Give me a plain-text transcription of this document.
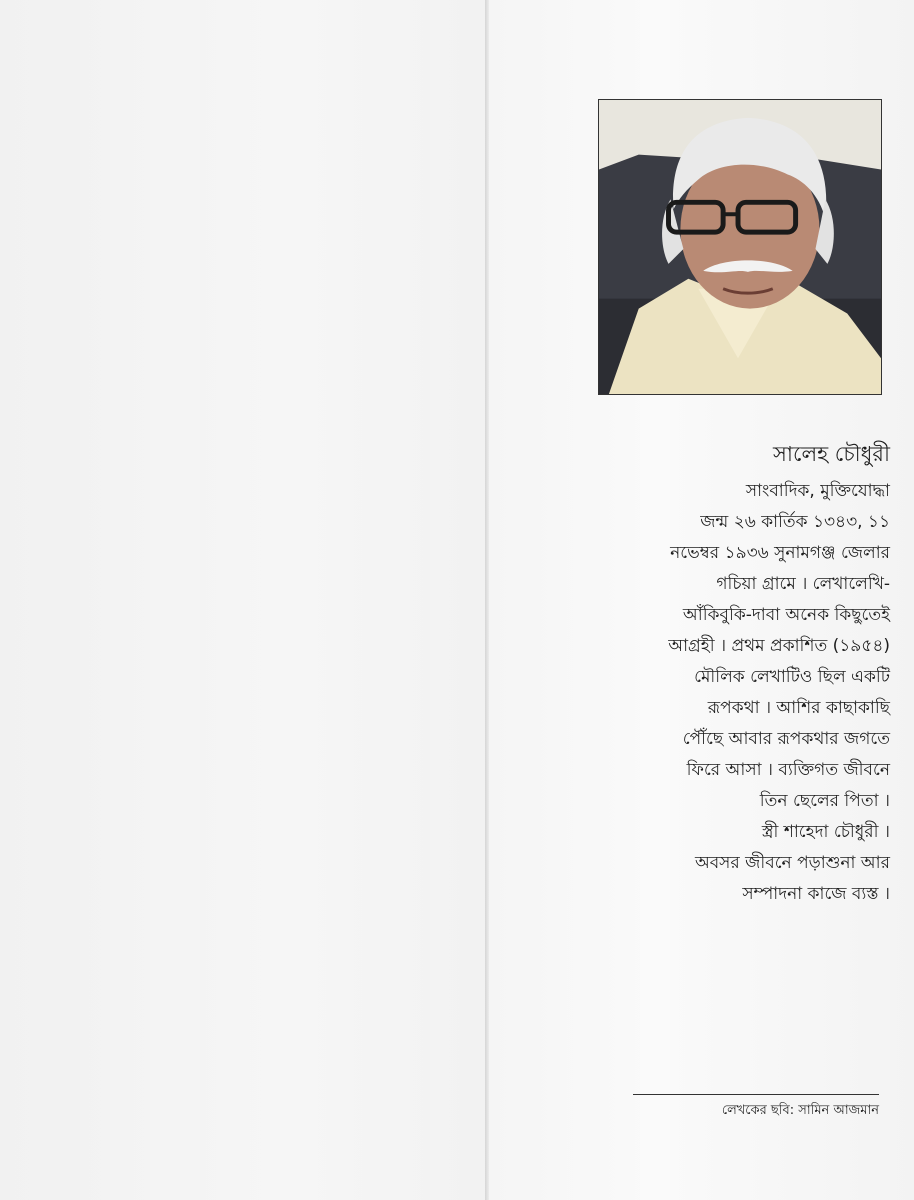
সালেহ চৌধুরী
সাংবাদিক, মুক্তিযোদ্ধা
জন্ম ২৬ কার্তিক ১৩৪৩, ১১
নভেম্বর ১৯৩৬ সুনামগঞ্জ জেলার
গচিয়া গ্রামে । লেখালেখি-
আঁকিবুকি-দাবা অনেক কিছুতেই
আগ্রহী । প্রথম প্রকাশিত (১৯৫৪)
মৌলিক লেখাটিও ছিল একটি
রূপকথা । আশির কাছাকাছি
পৌঁছে আবার রূপকথার জগতে
ফিরে আসা । ব্যক্তিগত জীবনে
তিন ছেলের পিতা ।
স্ত্রী শাহেদা চৌধুরী ।
অবসর জীবনে পড়াশুনা আর
সম্পাদনা কাজে ব্যস্ত ।
লেখকের ছবি: সামিন আজমান
